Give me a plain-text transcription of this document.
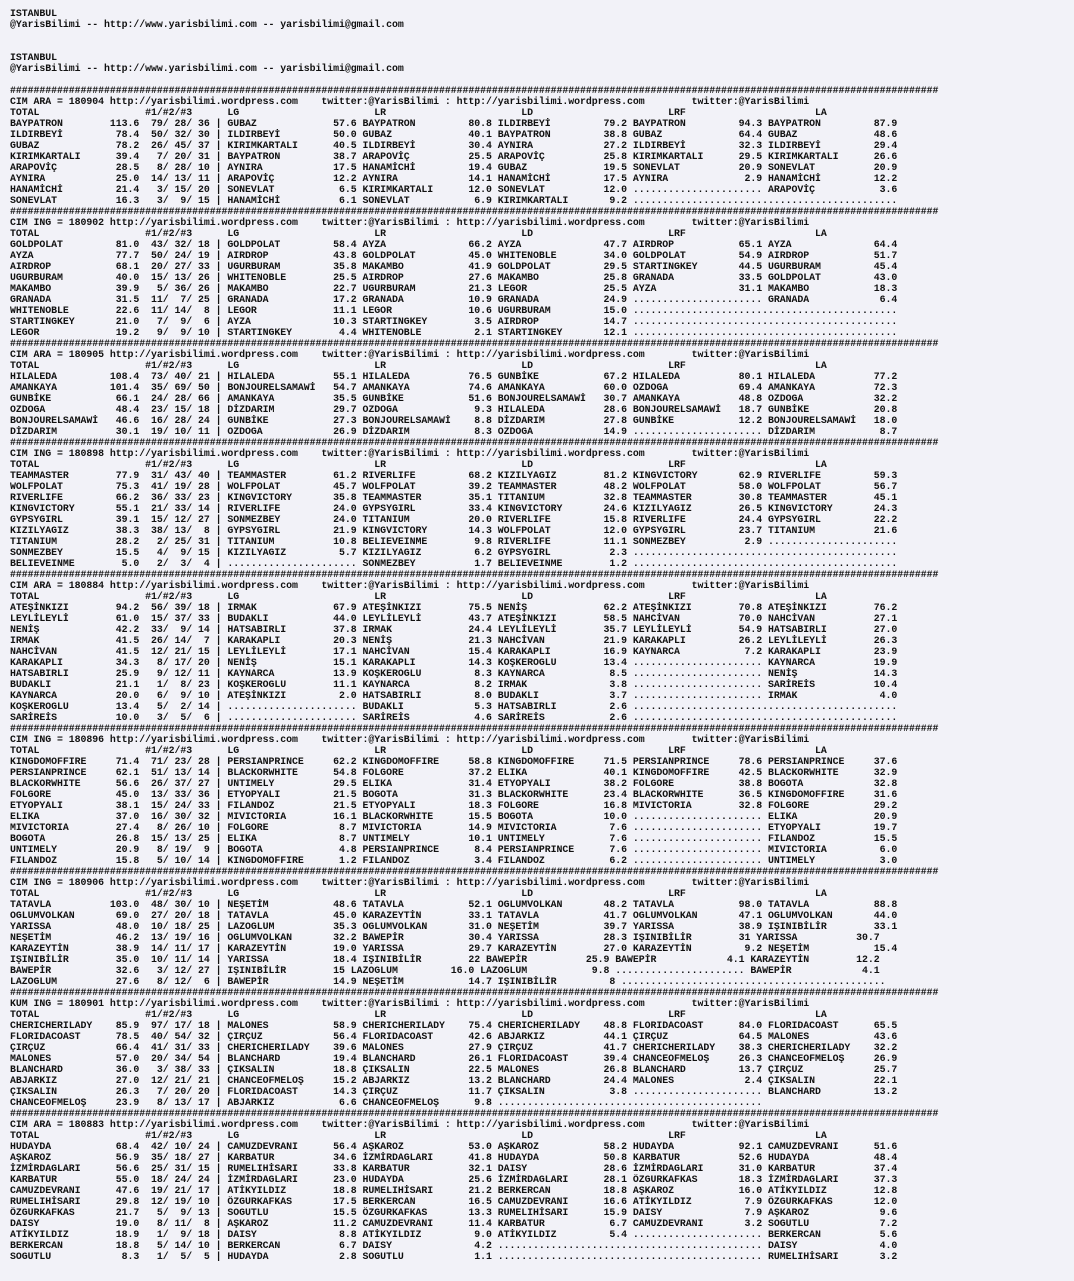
ISTANBUL
@YarisBilimi -- http://www.yarisbilimi.com -- yarisbilimi@gmail.com

ISTANBUL
@YarisBilimi -- http://www.yarisbilimi.com -- yarisbilimi@gmail.com

##############################################################################################################################################################
CIM ARA = 180904 http://yarisbilimi.wordpress.com    twitter:@YarisBilimi : http://yarisbilimi.wordpress.com        twitter:@YarisBilimi
TOTAL                  #1/#2/#3      LG                       LR                       LD                       LRF                      LA
BAYPATRON        113.6  79/ 28/ 36 | GUBAZ             57.6 BAYPATRON         80.8 ILDIRBEYİ         79.2 BAYPATRON         94.3 BAYPATRON         87.9
ILDIRBEYİ         78.4  50/ 32/ 30 | ILDIRBEYİ         50.0 GUBAZ             40.1 BAYPATRON         38.8 GUBAZ             64.4 GUBAZ             48.6
GUBAZ             78.2  26/ 45/ 37 | KIRIMKARTALI      40.5 ILDIRBEYİ         30.4 AYNIRA            27.2 ILDIRBEYİ         32.3 ILDIRBEYİ         29.4
KIRIMKARTALI      39.4   7/ 20/ 31 | BAYPATRON         38.7 ARAPOVİÇ          25.5 ARAPOVİÇ          25.8 KIRIMKARTALI      29.5 KIRIMKARTALI      26.6
ARAPOVİÇ          28.5   8/ 28/ 10 | AYNIRA            17.5 HANAMİCHİ         19.4 GUBAZ             19.5 SONEVLAT          20.9 SONEVLAT          20.9
AYNIRA            25.0  14/ 13/ 11 | ARAPOVİÇ          12.2 AYNIRA            14.1 HANAMİCHİ         17.5 AYNIRA             2.9 HANAMİCHİ         12.2
HANAMİCHİ         21.4   3/ 15/ 20 | SONEVLAT           6.5 KIRIMKARTALI      12.0 SONEVLAT          12.0 ...................... ARAPOVİÇ           3.6
SONEVLAT          16.3   3/  9/ 15 | HANAMİCHİ          6.1 SONEVLAT           6.9 KIRIMKARTALI       9.2 .............................................
##############################################################################################################################################################
CIM ING = 180902 http://yarisbilimi.wordpress.com    twitter:@YarisBilimi : http://yarisbilimi.wordpress.com        twitter:@YarisBilimi
TOTAL                  #1/#2/#3      LG                       LR                       LD                       LRF                      LA
GOLDPOLAT         81.0  43/ 32/ 18 | GOLDPOLAT         58.4 AYZA              66.2 AYZA              47.7 AIRDROP           65.1 AYZA              64.4
AYZA              77.7  50/ 24/ 19 | AIRDROP           43.8 GOLDPOLAT         45.0 WHITENOBLE        34.0 GOLDPOLAT         54.9 AIRDROP           51.7
AIRDROP           68.1  20/ 27/ 33 | UGURBURAM         35.8 MAKAMBO           41.9 GOLDPOLAT         29.5 STARTINGKEY       44.5 UGURBURAM         45.4
UGURBURAM         40.0  15/ 13/ 26 | WHITENOBLE        25.5 AIRDROP           27.6 MAKAMBO           25.8 GRANADA           33.5 GOLDPOLAT         43.0
MAKAMBO           39.9   5/ 36/ 26 | MAKAMBO           22.7 UGURBURAM         21.3 LEGOR             25.5 AYZA              31.1 MAKAMBO           18.3
GRANADA           31.5  11/  7/ 25 | GRANADA           17.2 GRANADA           10.9 GRANADA           24.9 ...................... GRANADA            6.4
WHITENOBLE        22.6  11/ 14/  8 | LEGOR             11.1 LEGOR             10.6 UGURBURAM         15.0 .............................................
STARTINGKEY       21.0   7/  9/  6 | AYZA              10.3 STARTINGKEY        3.5 AIRDROP           14.7 .............................................
LEGOR             19.2   9/  9/ 10 | STARTINGKEY        4.4 WHITENOBLE         2.1 STARTINGKEY       12.1 .............................................
##############################################################################################################################################################
CIM ARA = 180905 http://yarisbilimi.wordpress.com    twitter:@YarisBilimi : http://yarisbilimi.wordpress.com        twitter:@YarisBilimi
TOTAL                  #1/#2/#3      LG                       LR                       LD                       LRF                      LA
HILALEDA         108.4  73/ 40/ 21 | HILALEDA          55.1 HILALEDA          76.5 GUNBİKE           67.2 HILALEDA          80.1 HILALEDA          77.2
AMANKAYA         101.4  35/ 69/ 50 | BONJOURELSAMAWİ   54.7 AMANKAYA          74.6 AMANKAYA          60.0 OZDOGA            69.4 AMANKAYA          72.3
GUNBİKE           66.1  24/ 28/ 66 | AMANKAYA          35.5 GUNBİKE           51.6 BONJOURELSAMAWİ   30.7 AMANKAYA          48.8 OZDOGA            32.2
OZDOGA            48.4  23/ 15/ 18 | DİZDARIM          29.7 OZDOGA             9.3 HILALEDA          28.6 BONJOURELSAMAWİ   18.7 GUNBİKE           20.8
BONJOURELSAMAWİ   46.6  16/ 28/ 24 | GUNBİKE           27.3 BONJOURELSAMAWİ    8.8 DİZDARIM          27.8 GUNBİKE           12.2 BONJOURELSAMAWİ   18.0
DİZDARIM          30.1  19/ 10/ 11 | OZDOGA            26.9 DİZDARIM           8.3 OZDOGA            14.9 ...................... DİZDARIM           8.7
##############################################################################################################################################################
CIM ING = 180898 http://yarisbilimi.wordpress.com    twitter:@YarisBilimi : http://yarisbilimi.wordpress.com        twitter:@YarisBilimi
TOTAL                  #1/#2/#3      LG                       LR                       LD                       LRF                      LA
TEAMMASTER        77.9  31/ 43/ 40 | TEAMMASTER        61.2 RIVERLIFE         68.2 KIZILYAGIZ        81.2 KINGVICTORY       62.9 RIVERLIFE         59.3
WOLFPOLAT         75.3  41/ 19/ 28 | WOLFPOLAT         45.7 WOLFPOLAT         39.2 TEAMMASTER        48.2 WOLFPOLAT         58.0 WOLFPOLAT         56.7
RIVERLIFE         66.2  36/ 33/ 23 | KINGVICTORY       35.8 TEAMMASTER        35.1 TITANIUM          32.8 TEAMMASTER        30.8 TEAMMASTER        45.1
KINGVICTORY       55.1  21/ 33/ 14 | RIVERLIFE         24.0 GYPSYGIRL         33.4 KINGVICTORY       24.6 KIZILYAGIZ        26.5 KINGVICTORY       24.3
GYPSYGIRL         39.1  15/ 12/ 27 | SONMEZBEY         24.0 TITANIUM          20.0 RIVERLIFE         15.8 RIVERLIFE         24.4 GYPSYGIRL         22.2
KIZILYAGIZ        38.3  38/ 13/  8 | GYPSYGIRL         21.9 KINGVICTORY       14.3 WOLFPOLAT         12.0 GYPSYGIRL         23.7 TITANIUM          21.6
TITANIUM          28.2   2/ 25/ 31 | TITANIUM          10.8 BELIEVEINME        9.8 RIVERLIFE         11.1 SONMEZBEY          2.9 ......................
SONMEZBEY         15.5   4/  9/ 15 | KIZILYAGIZ         5.7 KIZILYAGIZ         6.2 GYPSYGIRL          2.3 .............................................
BELIEVEINME        5.0   2/  3/  4 | ...................... SONMEZBEY          1.7 BELIEVEINME        1.2 .............................................
##############################################################################################################################################################
CIM ARA = 180884 http://yarisbilimi.wordpress.com    twitter:@YarisBilimi : http://yarisbilimi.wordpress.com        twitter:@YarisBilimi
TOTAL                  #1/#2/#3      LG                       LR                       LD                       LRF                      LA
ATEŞİNKIZI        94.2  56/ 39/ 18 | IRMAK             67.9 ATEŞİNKIZI        75.5 NENİŞ             62.2 ATEŞİNKIZI        70.8 ATEŞİNKIZI        76.2
LEYLİLEYLİ        61.0  15/ 37/ 33 | BUDAKLI           44.0 LEYLİLEYLİ        43.7 ATEŞİNKIZI        58.5 NAHCİVAN          70.0 NAHCİVAN          27.1
NENİŞ             42.2  33/  9/ 14 | HATSABIRLI        37.8 IRMAK             24.4 LEYLİLEYLİ        35.7 LEYLİLEYLİ        54.9 HATSABIRLI        27.0
IRMAK             41.5  26/ 14/  7 | KARAKAPLI         20.3 NENİŞ             21.3 NAHCİVAN          21.9 KARAKAPLI         26.2 LEYLİLEYLİ        26.3
NAHCİVAN          41.5  12/ 21/ 15 | LEYLİLEYLİ        17.1 NAHCİVAN          15.4 KARAKAPLI         16.9 KAYNARCA           7.2 KARAKAPLI         23.9
KARAKAPLI         34.3   8/ 17/ 20 | NENİŞ             15.1 KARAKAPLI         14.3 KOŞKEROGLU        13.4 ...................... KAYNARCA          19.9
HATSABIRLI        25.9   9/ 12/ 11 | KAYNARCA          13.9 KOŞKEROGLU         8.3 KAYNARCA           8.5 ...................... NENİŞ             14.3
BUDAKLI           21.1   1/  8/ 23 | KOŞKEROGLU        11.1 KAYNARCA           8.2 IRMAK              3.8 ...................... SARİREİS          10.4
KAYNARCA          20.0   6/  9/ 10 | ATEŞİNKIZI         2.0 HATSABIRLI         8.0 BUDAKLI            3.7 ...................... IRMAK              4.0
KOŞKEROGLU        13.4   5/  2/ 14 | ...................... BUDAKLI            5.3 HATSABIRLI         2.6 .............................................
SARİREİS          10.0   3/  5/  6 | ...................... SARİREİS           4.6 SARİREİS           2.6 .............................................
##############################################################################################################################################################
CIM ING = 180896 http://yarisbilimi.wordpress.com    twitter:@YarisBilimi : http://yarisbilimi.wordpress.com        twitter:@YarisBilimi
TOTAL                  #1/#2/#3      LG                       LR                       LD                       LRF                      LA
KINGDOMOFFIRE     71.4  71/ 23/ 28 | PERSIANPRINCE     62.2 KINGDOMOFFIRE     58.8 KINGDOMOFFIRE     71.5 PERSIANPRINCE     78.6 PERSIANPRINCE     37.6
PERSIANPRINCE     62.1  51/ 13/ 14 | BLACKORWHITE      54.8 FOLGORE           37.2 ELIKA             40.1 KINGDOMOFFIRE     42.5 BLACKORWHITE      32.9
BLACKORWHITE      56.6  26/ 37/ 27 | UNTIMELY          29.5 ELIKA             31.4 ETYOPYALI         38.2 FOLGORE           38.8 BOGOTA            32.8
FOLGORE           45.0  13/ 33/ 36 | ETYOPYALI         21.5 BOGOTA            31.3 BLACKORWHITE      23.4 BLACKORWHITE      36.5 KINGDOMOFFIRE     31.6
ETYOPYALI         38.1  15/ 24/ 33 | FILANDOZ          21.5 ETYOPYALI         18.3 FOLGORE           16.8 MIVICTORIA        32.8 FOLGORE           29.2
ELIKA             37.0  16/ 30/ 32 | MIVICTORIA        16.1 BLACKORWHITE      15.5 BOGOTA            10.0 ...................... ELIKA             20.9
MIVICTORIA        27.4   8/ 26/ 10 | FOLGORE            8.7 MIVICTORIA        14.9 MIVICTORIA         7.6 ...................... ETYOPYALI         19.7
BOGOTA            26.8  15/ 13/ 25 | ELIKA              8.7 UNTIMELY          10.1 UNTIMELY           7.6 ...................... FILANDOZ          15.5
UNTIMELY          20.9   8/ 19/  9 | BOGOTA             4.8 PERSIANPRINCE      8.4 PERSIANPRINCE      7.6 ...................... MIVICTORIA         6.0
FILANDOZ          15.8   5/ 10/ 14 | KINGDOMOFFIRE      1.2 FILANDOZ           3.4 FILANDOZ           6.2 ...................... UNTIMELY           3.0
##############################################################################################################################################################
CIM ING = 180906 http://yarisbilimi.wordpress.com    twitter:@YarisBilimi : http://yarisbilimi.wordpress.com        twitter:@YarisBilimi
TOTAL                  #1/#2/#3      LG                       LR                       LD                       LRF                      LA
TATAVLA          103.0  48/ 30/ 10 | NEŞETİM           48.6 TATAVLA           52.1 OGLUMVOLKAN       48.2 TATAVLA           98.0 TATAVLA           88.8
OGLUMVOLKAN       69.0  27/ 20/ 18 | TATAVLA           45.0 KARAZEYTİN        33.1 TATAVLA           41.7 OGLUMVOLKAN       47.1 OGLUMVOLKAN       44.0
YARISSA           48.0  10/ 18/ 25 | LAZOGLUM          35.3 OGLUMVOLKAN       31.0 NEŞETİM           39.7 YARISSA           38.9 IŞINIBİLİR        33.1
NEŞETİM           46.2  13/ 19/ 16 | OGLUMVOLKAN       32.2 BAWEPİR           30.4 YARISSA           28.3 IŞINIBİLİR        31 YARISSA          30.7
KARAZEYTİN        38.9  14/ 11/ 17 | KARAZEYTİN        19.0 YARISSA           29.7 KARAZEYTİN        27.0 KARAZEYTİN         9.2 NEŞETİM           15.4
IŞINIBİLİR        35.0  10/ 11/ 14 | YARISSA           18.4 IŞINIBİLİR        22 BAWEPİR          25.9 BAWEPİR            4.1 KARAZEYTİN        12.2
BAWEPİR           32.6   3/ 12/ 27 | IŞINIBİLİR        15 LAZOGLUM         16.0 LAZOGLUM           9.8 ...................... BAWEPİR            4.1
LAZOGLUM          27.6   8/ 12/  6 | BAWEPİR           14.9 NEŞETİM           14.7 IŞINIBİLİR         8 .............................................
##############################################################################################################################################################
KUM ING = 180901 http://yarisbilimi.wordpress.com    twitter:@YarisBilimi : http://yarisbilimi.wordpress.com        twitter:@YarisBilimi
TOTAL                  #1/#2/#3      LG                       LR                       LD                       LRF                      LA
CHERICHERILADY    85.9  97/ 17/ 18 | MALONES           58.9 CHERICHERILADY    75.4 CHERICHERILADY    48.8 FLORIDACOAST      84.0 FLORIDACOAST      65.5
FLORIDACOAST      78.5  40/ 54/ 32 | ÇIRÇUZ            56.4 FLORIDACOAST      42.6 ABJARKIZ          44.1 ÇIRÇUZ            64.5 MALONES           43.6
ÇIRÇUZ            66.4  41/ 31/ 33 | CHERICHERILADY    39.6 MALONES           27.9 ÇIRÇUZ            41.7 CHERICHERILADY    38.3 CHERICHERILADY    32.2
MALONES           57.0  20/ 34/ 54 | BLANCHARD         19.4 BLANCHARD         26.1 FLORIDACOAST      39.4 CHANCEOFMELOŞ     26.3 CHANCEOFMELOŞ     26.9
BLANCHARD         36.0   3/ 38/ 33 | ÇIKSALIN          18.8 ÇIKSALIN          22.5 MALONES           26.8 BLANCHARD         13.7 ÇIRÇUZ            25.7
ABJARKIZ          27.0  12/ 21/ 21 | CHANCEOFMELOŞ     15.2 ABJARKIZ          13.2 BLANCHARD         24.4 MALONES            2.4 ÇIKSALIN          22.1
ÇIKSALIN          26.3   7/ 20/ 20 | FLORIDACOAST      14.3 ÇIRÇUZ            11.7 ÇIKSALIN           3.8 ...................... BLANCHARD         13.2
CHANCEOFMELOŞ     23.9   8/ 13/ 17 | ABJARKIZ           6.6 CHANCEOFMELOŞ      9.8 .............................................
##############################################################################################################################################################
CIM ARA = 180883 http://yarisbilimi.wordpress.com    twitter:@YarisBilimi : http://yarisbilimi.wordpress.com        twitter:@YarisBilimi
TOTAL                  #1/#2/#3      LG                       LR                       LD                       LRF                      LA
HUDAYDA           68.4  42/ 10/ 24 | CAMUZDEVRANI      56.4 AŞKAROZ           53.0 AŞKAROZ           58.2 HUDAYDA           92.1 CAMUZDEVRANI      51.6
AŞKAROZ           56.9  35/ 18/ 27 | KARBATUR          34.6 İZMİRDAGLARI      41.8 HUDAYDA           50.8 KARBATUR          52.6 HUDAYDA           48.4
İZMİRDAGLARI      56.6  25/ 31/ 15 | RUMELIHİSARI      33.8 KARBATUR          32.1 DAISY             28.6 İZMİRDAGLARI      31.0 KARBATUR          37.4
KARBATUR          55.0  18/ 24/ 24 | İZMİRDAGLARI      23.0 HUDAYDA           25.6 İZMİRDAGLARI      28.1 ÖZGURKAFKAS       18.3 İZMİRDAGLARI      37.3
CAMUZDEVRANI      47.6  19/ 21/ 17 | ATİKYILDIZ        18.8 RUMELIHİSARI      21.2 BERKERCAN         18.8 AŞKAROZ           16.0 ATİKYILDIZ        12.8
RUMELIHİSARI      29.8  12/ 19/ 10 | ÖZGURKAFKAS       17.5 BERKERCAN         16.5 CAMUZDEVRANI      16.6 ATİKYILDIZ         7.9 ÖZGURKAFKAS       12.0
ÖZGURKAFKAS       21.7   5/  9/ 13 | SOGUTLU           15.5 ÖZGURKAFKAS       13.3 RUMELIHİSARI      15.9 DAISY              7.9 AŞKAROZ            9.6
DAISY             19.0   8/ 11/  8 | AŞKAROZ           11.2 CAMUZDEVRANI      11.4 KARBATUR           6.7 CAMUZDEVRANI       3.2 SOGUTLU            7.2
ATİKYILDIZ        18.9   1/  9/ 18 | DAISY              8.8 ATİKYILDIZ         9.0 ATİKYILDIZ         5.4 ...................... BERKERCAN          5.6
BERKERCAN         18.8   5/ 14/ 10 | BERKERCAN          6.7 DAISY              4.2 ............................................. DAISY              4.0
SOGUTLU            8.3   1/  5/  5 | HUDAYDA            2.8 SOGUTLU            1.1 ............................................. RUMELIHİSARI       3.2
